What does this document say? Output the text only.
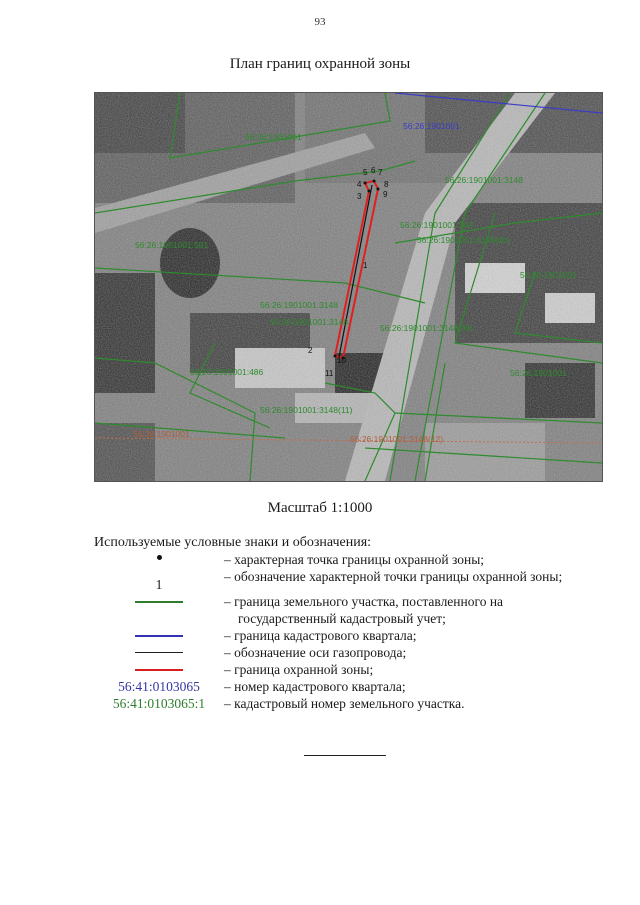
93
План границ охранной зоны
5 6 7
8
9
4
3
1
2
10
11
56:26:1901001
56:26:1901001
56:26:1901001:501
56:26:1901001:3148
56:26:1901001:349
56:26:1901001:3148(40)
56:26:1901001
56:26:1901001:3148
56:26:1901001:3148
56:26:1901001:3148(39)
56:26:1901001:486	56:26:1901001
56:26:1901001:3148(11)
56:26:1901001	56:26:1901001:3148(12)
Масштаб 1:1000
Используемые условные знаки и обозначения:
– характерная точка границы охранной зоны;
1
– обозначение характерной точки границы охранной зоны;
– граница земельного участка, поставленного на государственный кадастровый учет;
– граница кадастрового квартала;
– обозначение оси газопровода;
– граница охранной зоны;
56:41:0103065 – номер кадастрового квартала;
56:41:0103065:1 – кадастровый номер земельного участка.
